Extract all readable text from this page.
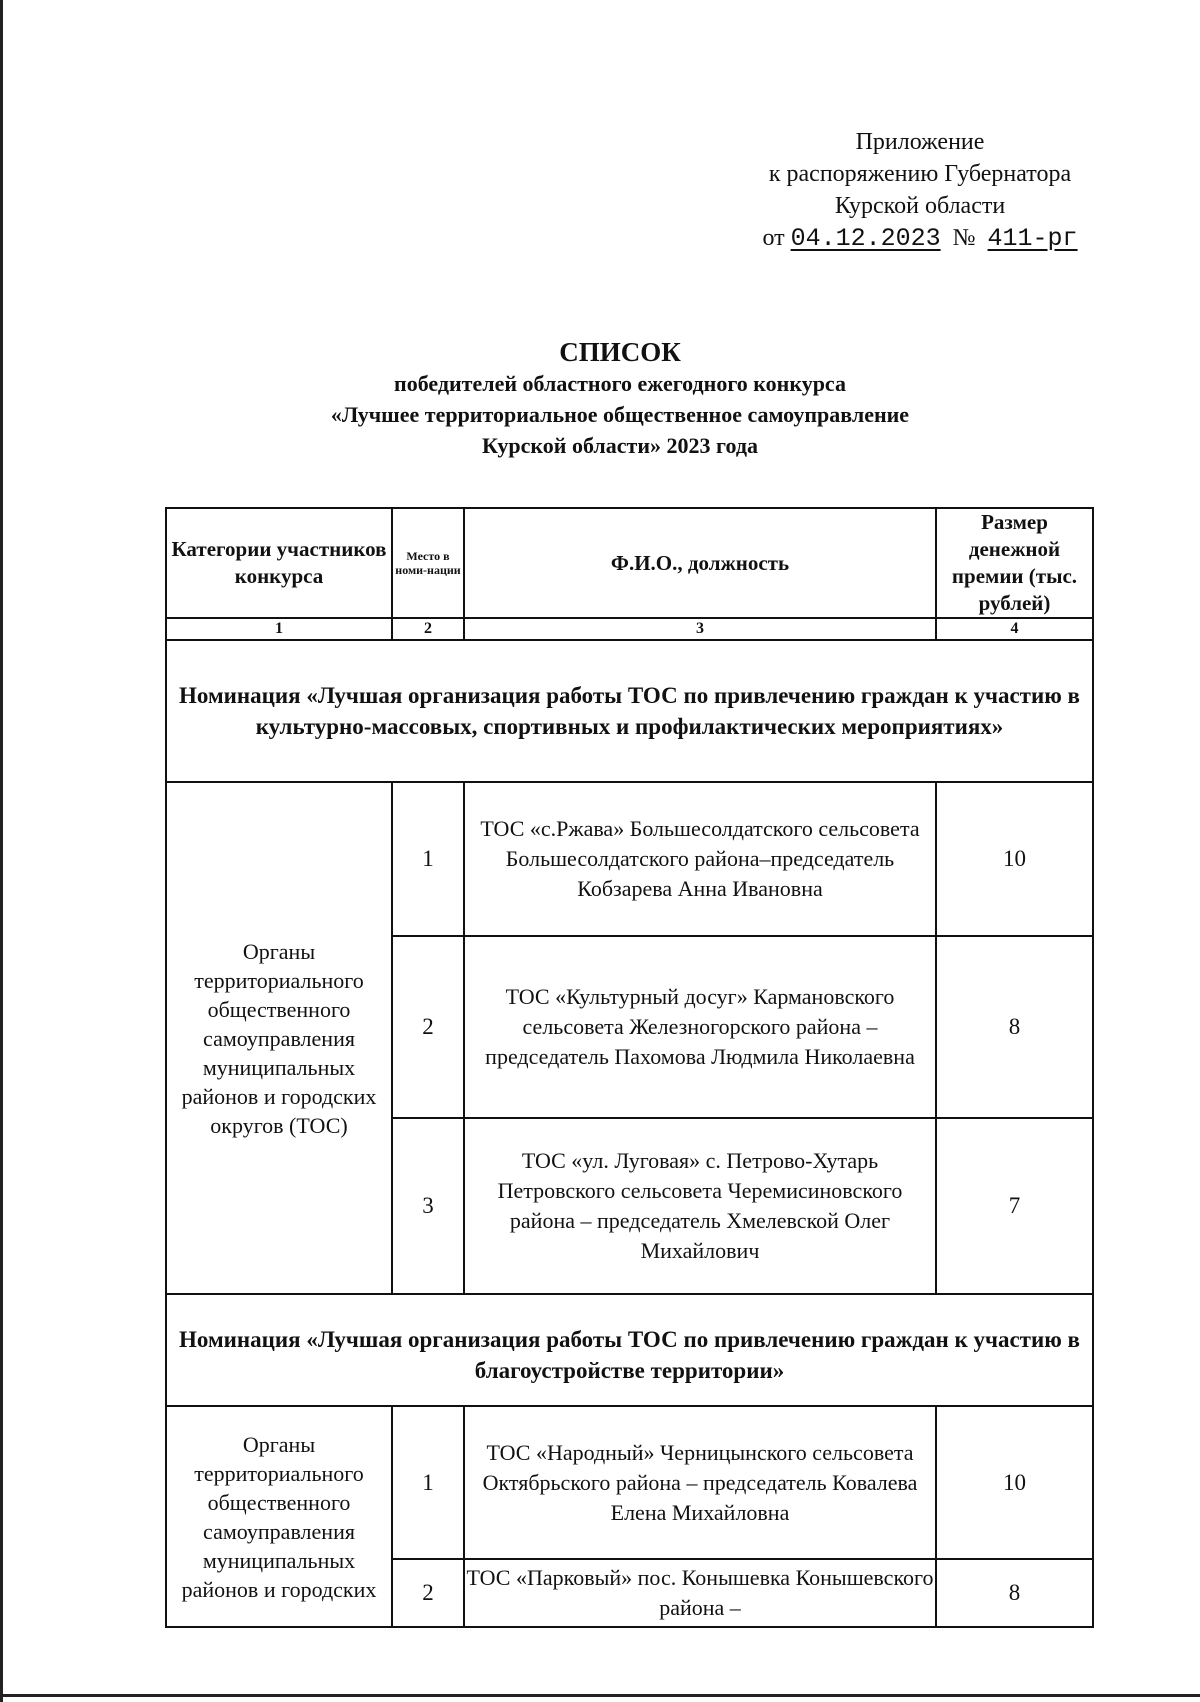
Приложение
к распоряжению Губернатора
Курской области
от 04.12.2023 № 411-рг
СПИСОК
победителей областного ежегодного конкурса
«Лучшее территориальное общественное самоуправление
Курской области» 2023 года
Категории участников конкурса	Место в номи-нации	Ф.И.О., должность	Размер денежной премии (тыс. рублей)
1	2	3	4
Номинация «Лучшая организация работы ТОС по привлечению граждан к участию в культурно-массовых, спортивных и профилактических мероприятиях»			
Органы территориального общественного самоуправления муниципальных районов и городских округов (ТОС)	1	ТОС «с.Ржава» Большесолдатского сельсовета Большесолдатского района–председатель Кобзарева Анна Ивановна	10
	2	ТОС «Культурный досуг» Кармановского сельсовета Железногорского района – председатель Пахомова Людмила Николаевна	8
	3	ТОС «ул. Луговая» с. Петрово-Хутарь Петровского сельсовета Черемисиновского района – председатель Хмелевской Олег Михайлович	7
Номинация «Лучшая организация работы ТОС по привлечению граждан к участию в благоустройстве территории»			
Органы территориального общественного самоуправления муниципальных районов и городских	1	ТОС «Народный» Черницынского сельсовета Октябрьского района – председатель Ковалева Елена Михайловна	10
	2	ТОС «Парковый» пос. Конышевка Конышевского района –	8
